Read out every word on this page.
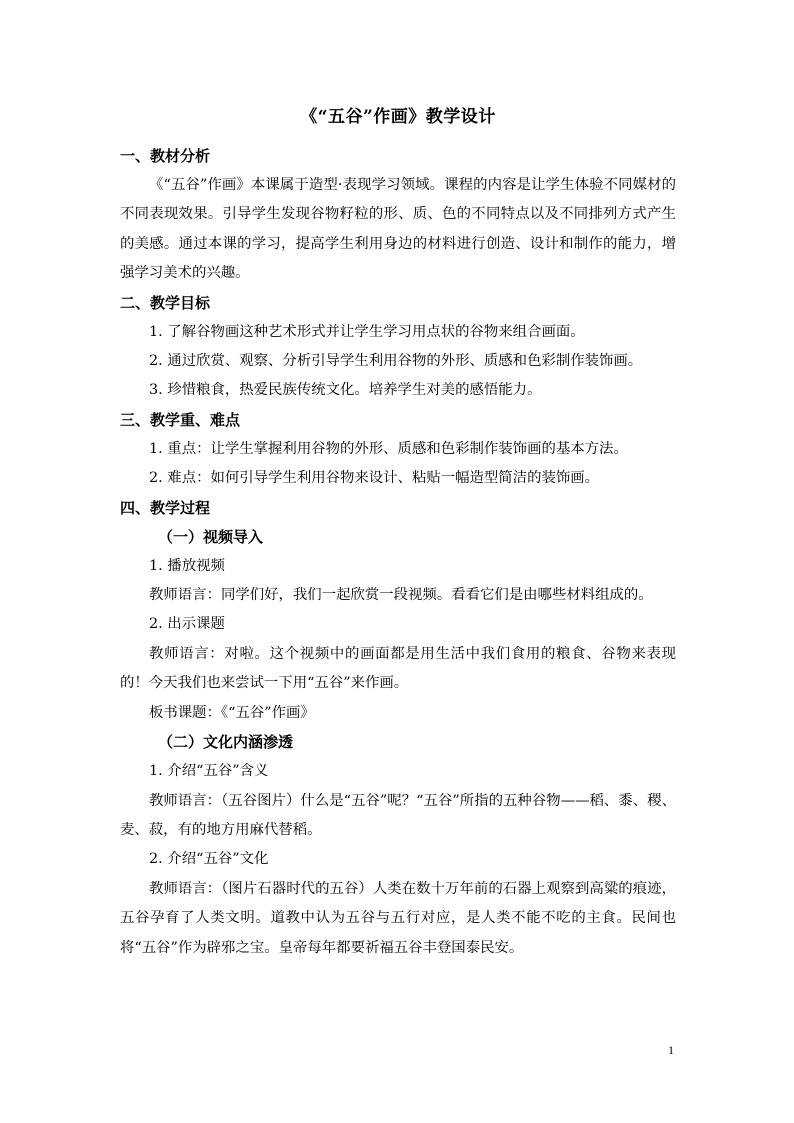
《“五谷”作画》教学设计
一、教材分析
《“五谷”作画》本课属于造型·表现学习领域。课程的内容是让学生体验不同媒材的不同表现效果。引导学生发现谷物籽粒的形、质、色的不同特点以及不同排列方式产生的美感。通过本课的学习，提高学生利用身边的材料进行创造、设计和制作的能力，增强学习美术的兴趣。
二、教学目标
1. 了解谷物画这种艺术形式并让学生学习用点状的谷物来组合画面。
2. 通过欣赏、观察、分析引导学生利用谷物的外形、质感和色彩制作装饰画。
3. 珍惜粮食，热爱民族传统文化。培养学生对美的感悟能力。
三、教学重、难点
1. 重点：让学生掌握利用谷物的外形、质感和色彩制作装饰画的基本方法。
2. 难点：如何引导学生利用谷物来设计、粘贴一幅造型简洁的装饰画。
四、教学过程
（一）视频导入
1. 播放视频
教师语言：同学们好，我们一起欣赏一段视频。看看它们是由哪些材料组成的。
2. 出示课题
教师语言：对啦。这个视频中的画面都是用生活中我们食用的粮食、谷物来表现的！今天我们也来尝试一下用“五谷”来作画。
板书课题：《“五谷”作画》
（二）文化内涵渗透
1. 介绍“五谷”含义
教师语言：（五谷图片）什么是“五谷”呢？“五谷”所指的五种谷物——稻、黍、稷、麦、菽，有的地方用麻代替稻。
2. 介绍“五谷”文化
教师语言：（图片石器时代的五谷）人类在数十万年前的石器上观察到高粱的痕迹，五谷孕育了人类文明。道教中认为五谷与五行对应，是人类不能不吃的主食。民间也将“五谷”作为辟邪之宝。皇帝每年都要祈福五谷丰登国泰民安。
1
